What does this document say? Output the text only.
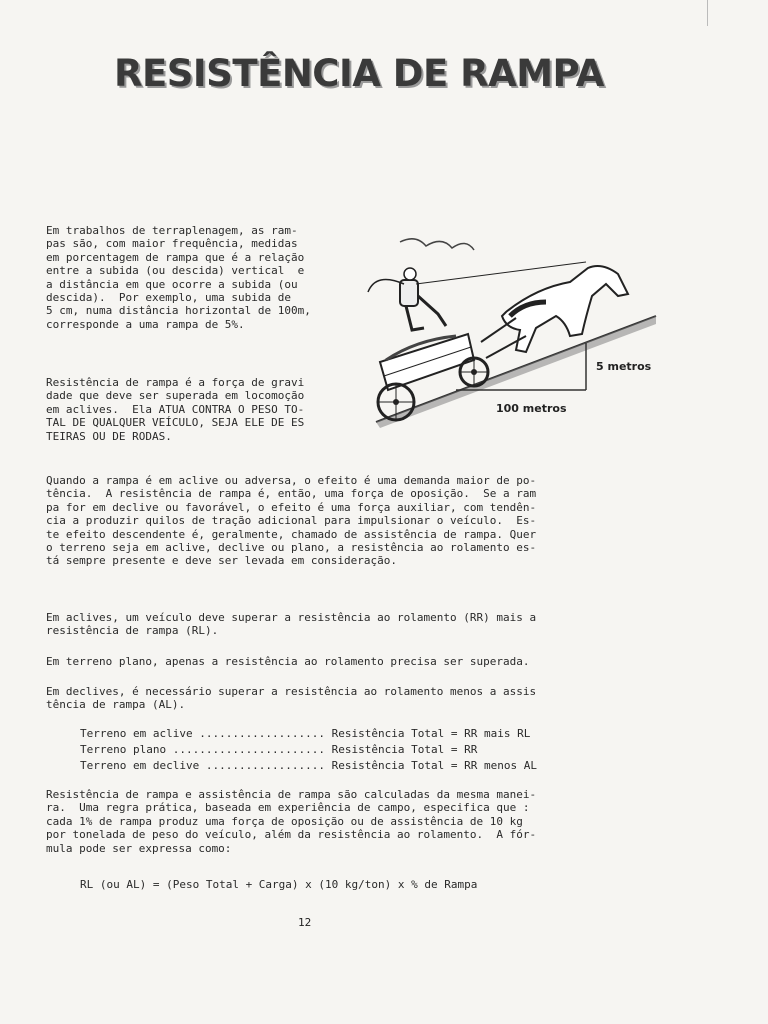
RESISTÊNCIA DE RAMPA
Em trabalhos de terraplenagem, as ram-
pas são, com maior frequência, medidas
em porcentagem de rampa que é a relação
entre a subida (ou descida) vertical  e
a distância em que ocorre a subida (ou
descida).  Por exemplo, uma subida de
5 cm, numa distância horizontal de 100m,
corresponde a uma rampa de 5%.
Resistência de rampa é a força de gravi
dade que deve ser superada em locomoção
em aclives.  Ela ATUA CONTRA O PESO TO-
TAL DE QUALQUER VEÍCULO, SEJA ELE DE ES
TEIRAS OU DE RODAS.
5 metros
100 metros
Quando a rampa é em aclive ou adversa, o efeito é uma demanda maior de po-
tência.  A resistência de rampa é, então, uma força de oposição.  Se a ram
pa for em declive ou favorável, o efeito é uma força auxiliar, com tendên-
cia a produzir quilos de tração adicional para impulsionar o veículo.  Es-
te efeito descendente é, geralmente, chamado de assistência de rampa. Quer
o terreno seja em aclive, declive ou plano, a resistência ao rolamento es-
tá sempre presente e deve ser levada em consideração.
Em aclives, um veículo deve superar a resistência ao rolamento (RR) mais a
resistência de rampa (RL).
Em terreno plano, apenas a resistência ao rolamento precisa ser superada.
Em declives, é necessário superar a resistência ao rolamento menos a assis
tência de rampa (AL).
Terreno em aclive ................... Resistência Total = RR mais RL
Terreno plano ....................... Resistência Total = RR
Terreno em declive .................. Resistência Total = RR menos AL
Resistência de rampa e assistência de rampa são calculadas da mesma manei-
ra.  Uma regra prática, baseada em experiência de campo, especifica que :
cada 1% de rampa produz uma força de oposição ou de assistência de 10 kg
por tonelada de peso do veículo, além da resistência ao rolamento.  A fór-
mula pode ser expressa como:
RL (ou AL) = (Peso Total + Carga) x (10 kg/ton) x % de Rampa
12
